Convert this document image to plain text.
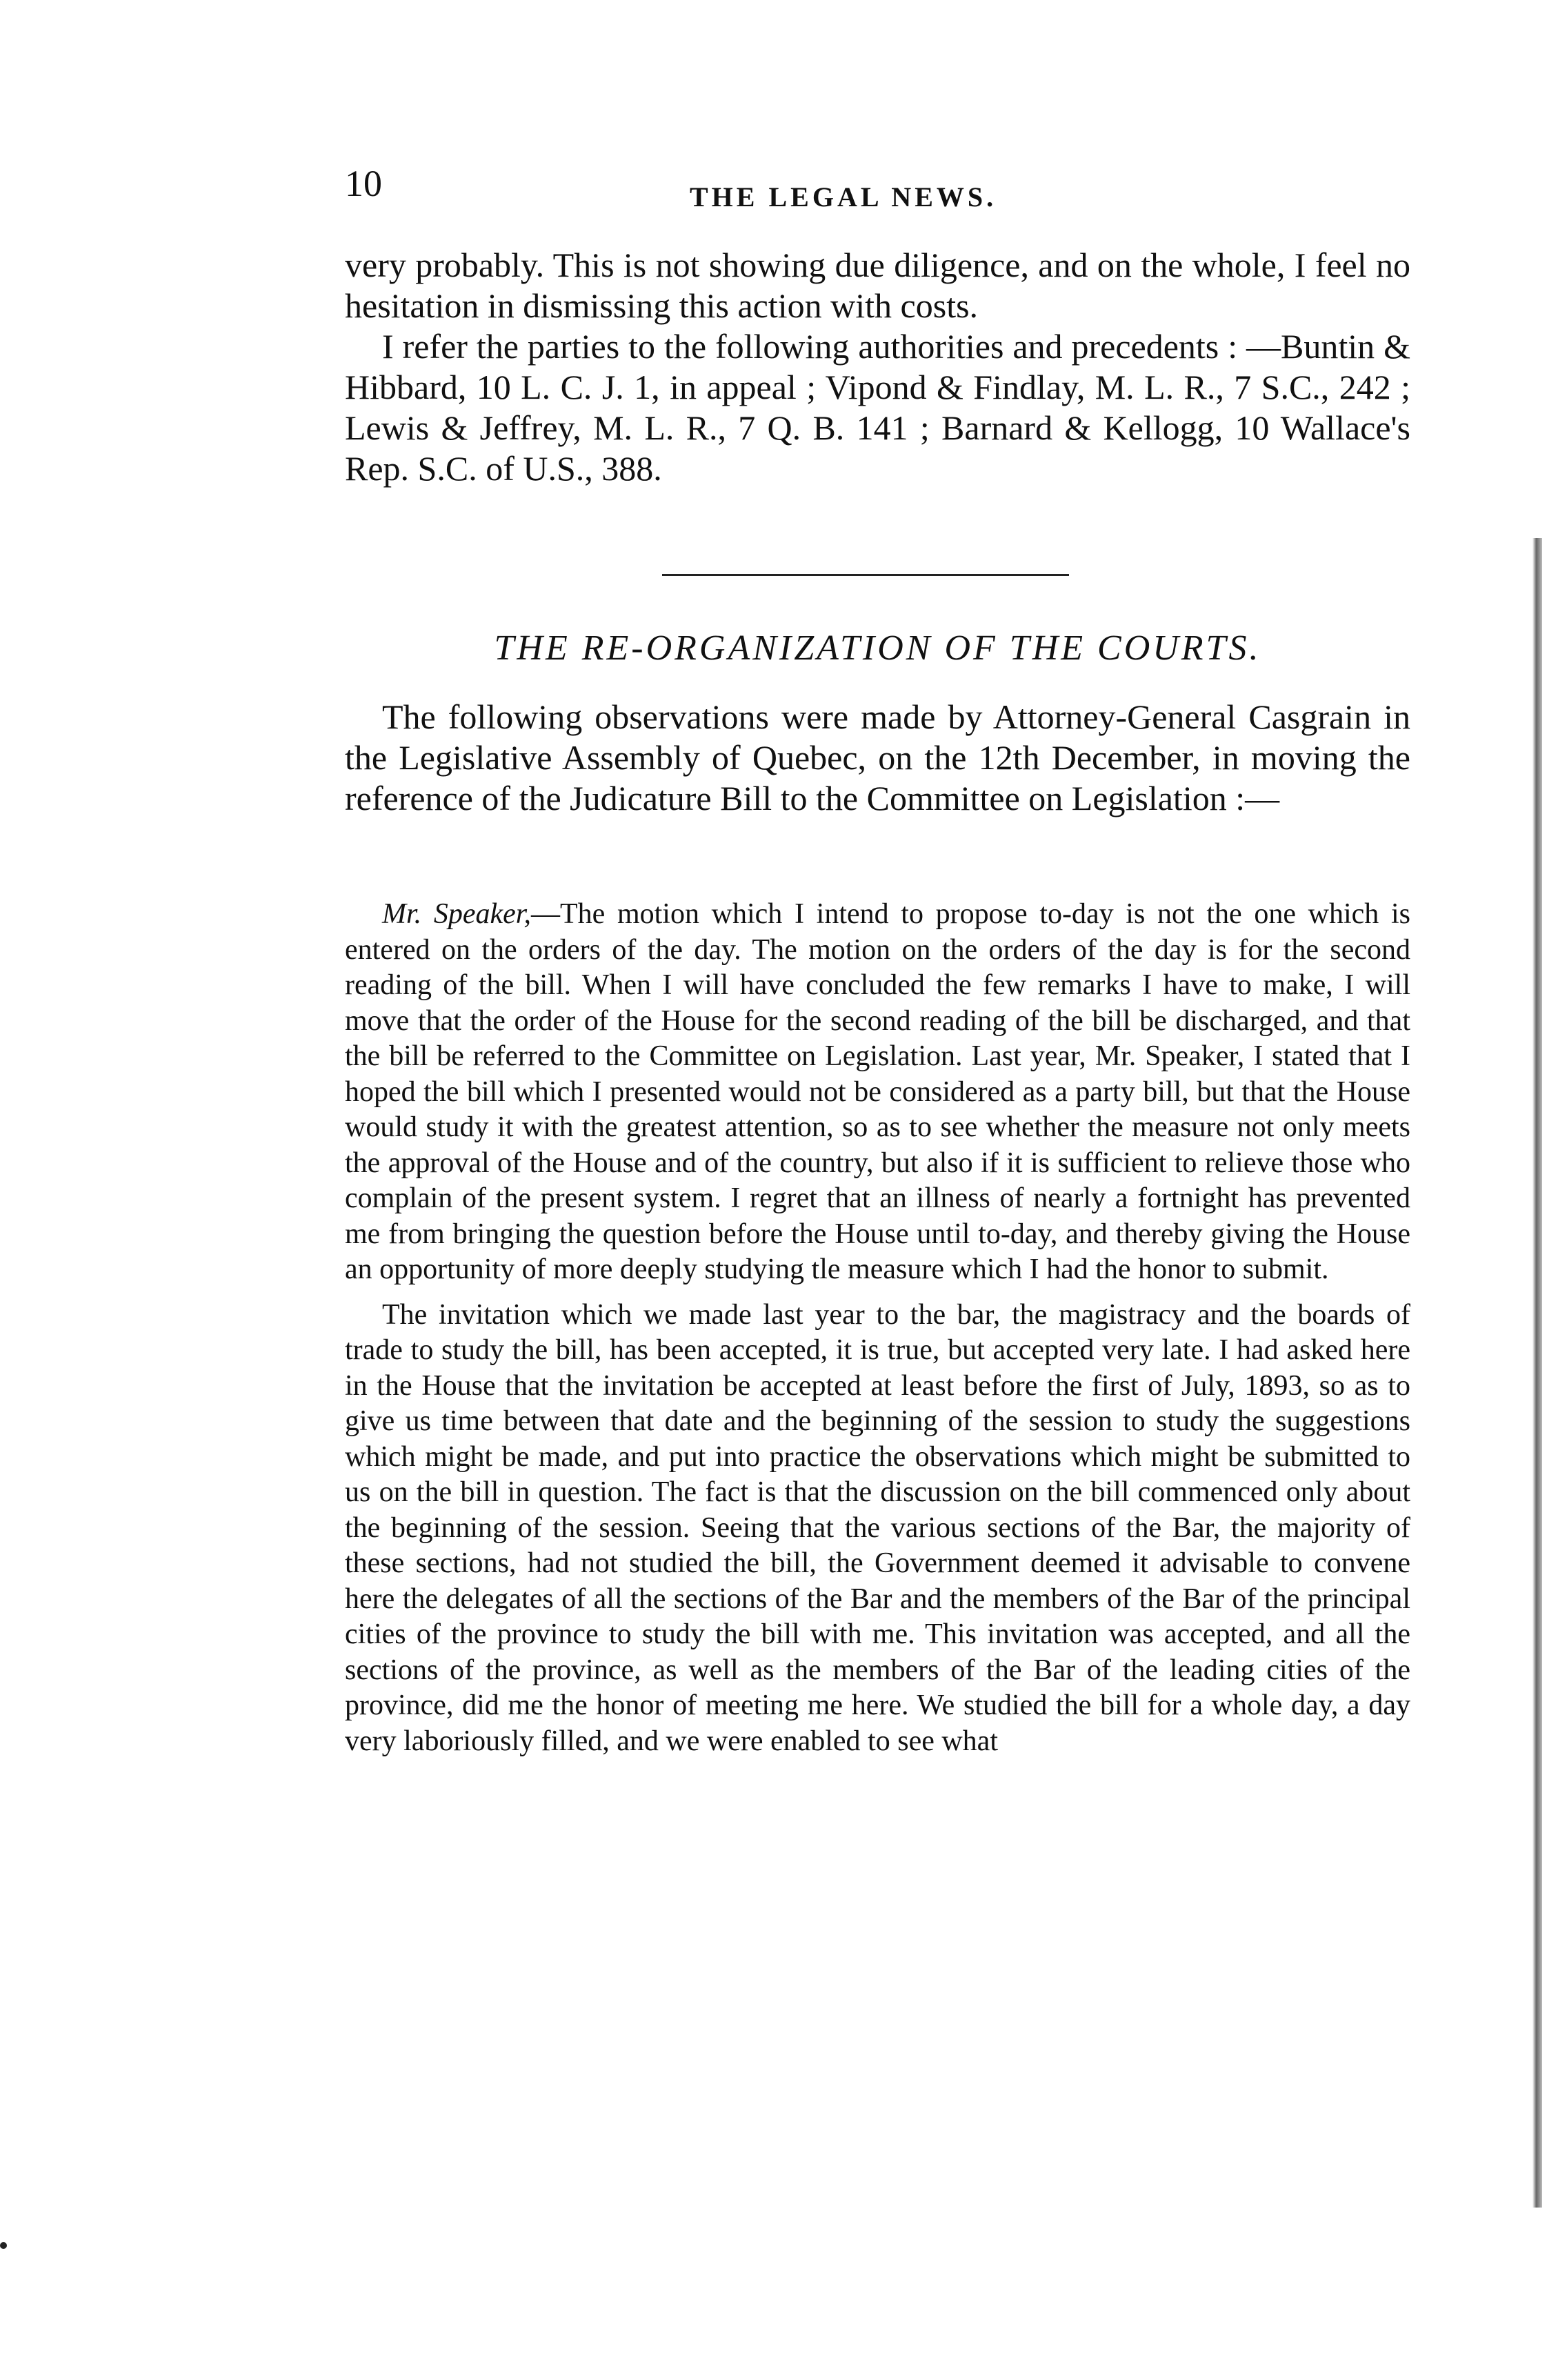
10	THE LEGAL NEWS.

very probably. This is not showing due diligence, and on the whole, I feel no hesitation in dismissing this action with costs.

I refer the parties to the following authorities and precedents : —Buntin & Hibbard, 10 L. C. J. 1, in appeal ; Vipond & Findlay, M. L. R., 7 S.C., 242 ; Lewis & Jeffrey, M. L. R., 7 Q. B. 141 ; Barnard & Kellogg, 10 Wallace's Rep. S.C. of U.S., 388.

THE RE-ORGANIZATION OF THE COURTS.

The following observations were made by Attorney-General Casgrain in the Legislative Assembly of Quebec, on the 12th December, in moving the reference of the Judicature Bill to the Committee on Legislation :—

Mr. Speaker,—The motion which I intend to propose to-day is not the one which is entered on the orders of the day. The motion on the orders of the day is for the second reading of the bill. When I will have concluded the few remarks I have to make, I will move that the order of the House for the second reading of the bill be discharged, and that the bill be referred to the Committee on Legislation. Last year, Mr. Speaker, I stated that I hoped the bill which I presented would not be considered as a party bill, but that the House would study it with the greatest attention, so as to see whether the measure not only meets the approval of the House and of the country, but also if it is sufficient to relieve those who complain of the present system. I regret that an illness of nearly a fortnight has prevented me from bringing the question before the House until to-day, and thereby giving the House an opportunity of more deeply studying tle measure which I had the honor to submit.

The invitation which we made last year to the bar, the magistracy and the boards of trade to study the bill, has been accepted, it is true, but accepted very late. I had asked here in the House that the invitation be accepted at least before the first of July, 1893, so as to give us time between that date and the beginning of the session to study the suggestions which might be made, and put into practice the observations which might be submitted to us on the bill in question. The fact is that the discussion on the bill commenced only about the beginning of the session. Seeing that the various sections of the Bar, the majority of these sections, had not studied the bill, the Government deemed it advisable to convene here the delegates of all the sections of the Bar and the members of the Bar of the principal cities of the province to study the bill with me. This invitation was accepted, and all the sections of the province, as well as the members of the Bar of the leading cities of the province, did me the honor of meeting me here. We studied the bill for a whole day, a day very laboriously filled, and we were enabled to see what
